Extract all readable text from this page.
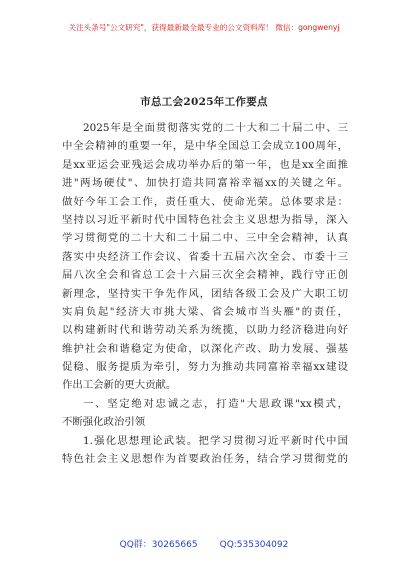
关注头条号"公文研究"，获得最新最全最专业的公文资料库！ 微信：gongwenyj
市总工会2025年工作要点
2025年是全面贯彻落实党的二十大和二十届二中、三
中全会精神的重要一年，是中华全国总工会成立100周年，
是xx亚运会亚残运会成功举办后的第一年，也是xx全面推
进"两场硬仗"、加快打造共同富裕幸福xx的关键之年。
做好今年工会工作，责任重大、使命光荣。总体要求是：
坚持以习近平新时代中国特色社会主义思想为指导，深入
学习贯彻党的二十大和二十届二中、三中全会精神，认真
落实中央经济工作会议、省委十五届六次全会、市委十三
届八次全会和省总工会十六届三次全会精神，践行守正创
新理念，坚持实干争先作风，团结各级工会及广大职工切
实肩负起"经济大市挑大梁、省会城市当头雁"的责任，
以构建新时代和谐劳动关系为统揽，以助力经济稳进向好
维护社会和谐稳定为使命，以深化产改、助力发展、强基
促稳、服务提质为牵引，努力为推动共同富裕幸福xx建设
作出工会新的更大贡献。
一、坚定绝对忠诚之志，打造"大思政课"xx模式，
不断强化政治引领
1.强化思想理论武装。把学习贯彻习近平新时代中国
特色社会主义思想作为首要政治任务，结合学习贯彻党的
QQ群：30265665 QQ:535304092
